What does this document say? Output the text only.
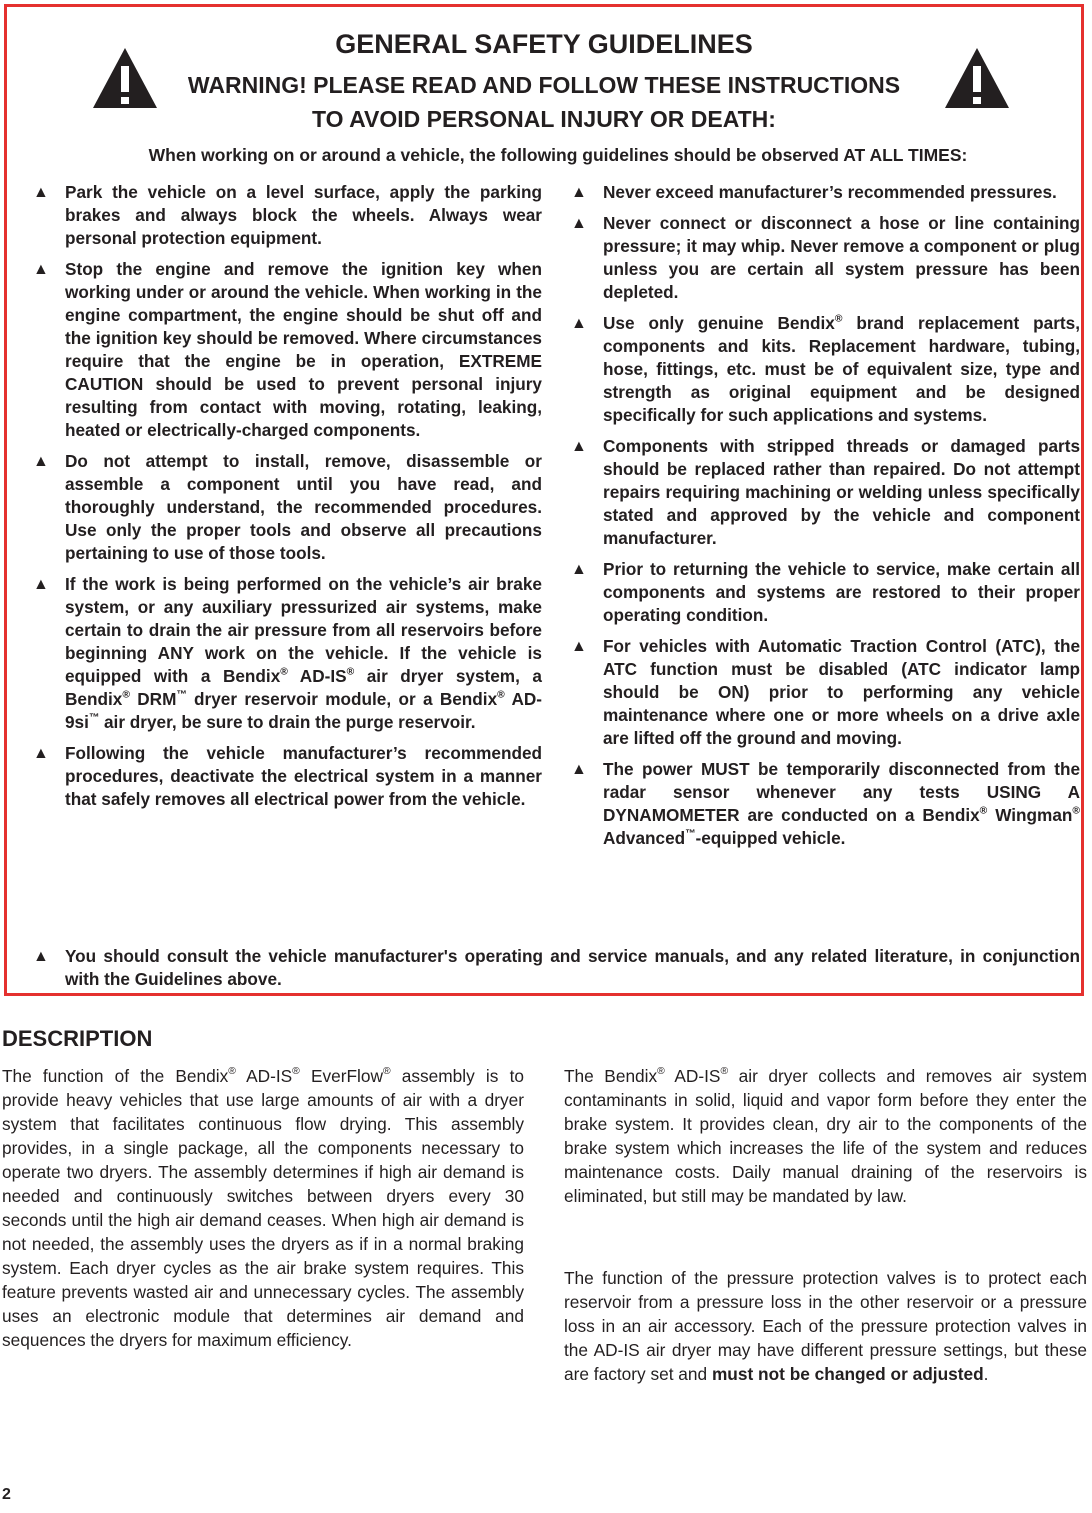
GENERAL SAFETY GUIDELINES
WARNING! PLEASE READ AND FOLLOW THESE INSTRUCTIONS
TO AVOID PERSONAL INJURY OR DEATH:
When working on or around a vehicle, the following guidelines should be observed AT ALL TIMES:
▲ Park the vehicle on a level surface, apply the parking brakes and always block the wheels. Always wear personal protection equipment.
▲ Stop the engine and remove the ignition key when working under or around the vehicle. When working in the engine compartment, the engine should be shut off and the ignition key should be removed. Where circumstances require that the engine be in operation, EXTREME CAUTION should be used to prevent personal injury resulting from contact with moving, rotating, leaking, heated or electrically-charged components.
▲ Do not attempt to install, remove, disassemble or assemble a component until you have read, and thoroughly understand, the recommended procedures. Use only the proper tools and observe all precautions pertaining to use of those tools.
▲ If the work is being performed on the vehicle’s air brake system, or any auxiliary pressurized air systems, make certain to drain the air pressure from all reservoirs before beginning ANY work on the vehicle. If the vehicle is equipped with a Bendix® AD-IS® air dryer system, a Bendix® DRM™ dryer reservoir module, or a Bendix® AD-9si™ air dryer, be sure to drain the purge reservoir.
▲ Following the vehicle manufacturer’s recommended procedures, deactivate the electrical system in a manner that safely removes all electrical power from the vehicle.
▲ Never exceed manufacturer’s recommended pressures.
▲ Never connect or disconnect a hose or line containing pressure; it may whip. Never remove a component or plug unless you are certain all system pressure has been depleted.
▲ Use only genuine Bendix® brand replacement parts, components and kits. Replacement hardware, tubing, hose, fittings, etc. must be of equivalent size, type and strength as original equipment and be designed specifically for such applications and systems.
▲ Components with stripped threads or damaged parts should be replaced rather than repaired. Do not attempt repairs requiring machining or welding unless specifically stated and approved by the vehicle and component manufacturer.
▲ Prior to returning the vehicle to service, make certain all components and systems are restored to their proper operating condition.
▲ For vehicles with Automatic Traction Control (ATC), the ATC function must be disabled (ATC indicator lamp should be ON) prior to performing any vehicle maintenance where one or more wheels on a drive axle are lifted off the ground and moving.
▲ The power MUST be temporarily disconnected from the radar sensor whenever any tests USING A DYNAMOMETER are conducted on a Bendix® Wingman® Advanced™-equipped vehicle.
▲ You should consult the vehicle manufacturer's operating and service manuals, and any related literature, in conjunction with the Guidelines above.
DESCRIPTION

The function of the Bendix® AD-IS® EverFlow® assembly is to provide heavy vehicles that use large amounts of air with a dryer system that facilitates continuous flow drying. This assembly provides, in a single package, all the components necessary to operate two dryers. The assembly determines if high air demand is needed and continuously switches between dryers every 30 seconds until the high air demand ceases. When high air demand is not needed, the assembly uses the dryers as if in a normal braking system. Each dryer cycles as the air brake system requires. This feature prevents wasted air and unnecessary cycles. The assembly uses an electronic module that determines air demand and sequences the dryers for maximum efficiency.

The Bendix® AD-IS® air dryer collects and removes air system contaminants in solid, liquid and vapor form before they enter the brake system. It provides clean, dry air to the components of the brake system which increases the life of the system and reduces maintenance costs. Daily manual draining of the reservoirs is eliminated, but still may be mandated by law.

The function of the pressure protection valves is to protect each reservoir from a pressure loss in the other reservoir or a pressure loss in an air accessory. Each of the pressure protection valves in the AD-IS air dryer may have different pressure settings, but these are factory set and must not be changed or adjusted.

2
